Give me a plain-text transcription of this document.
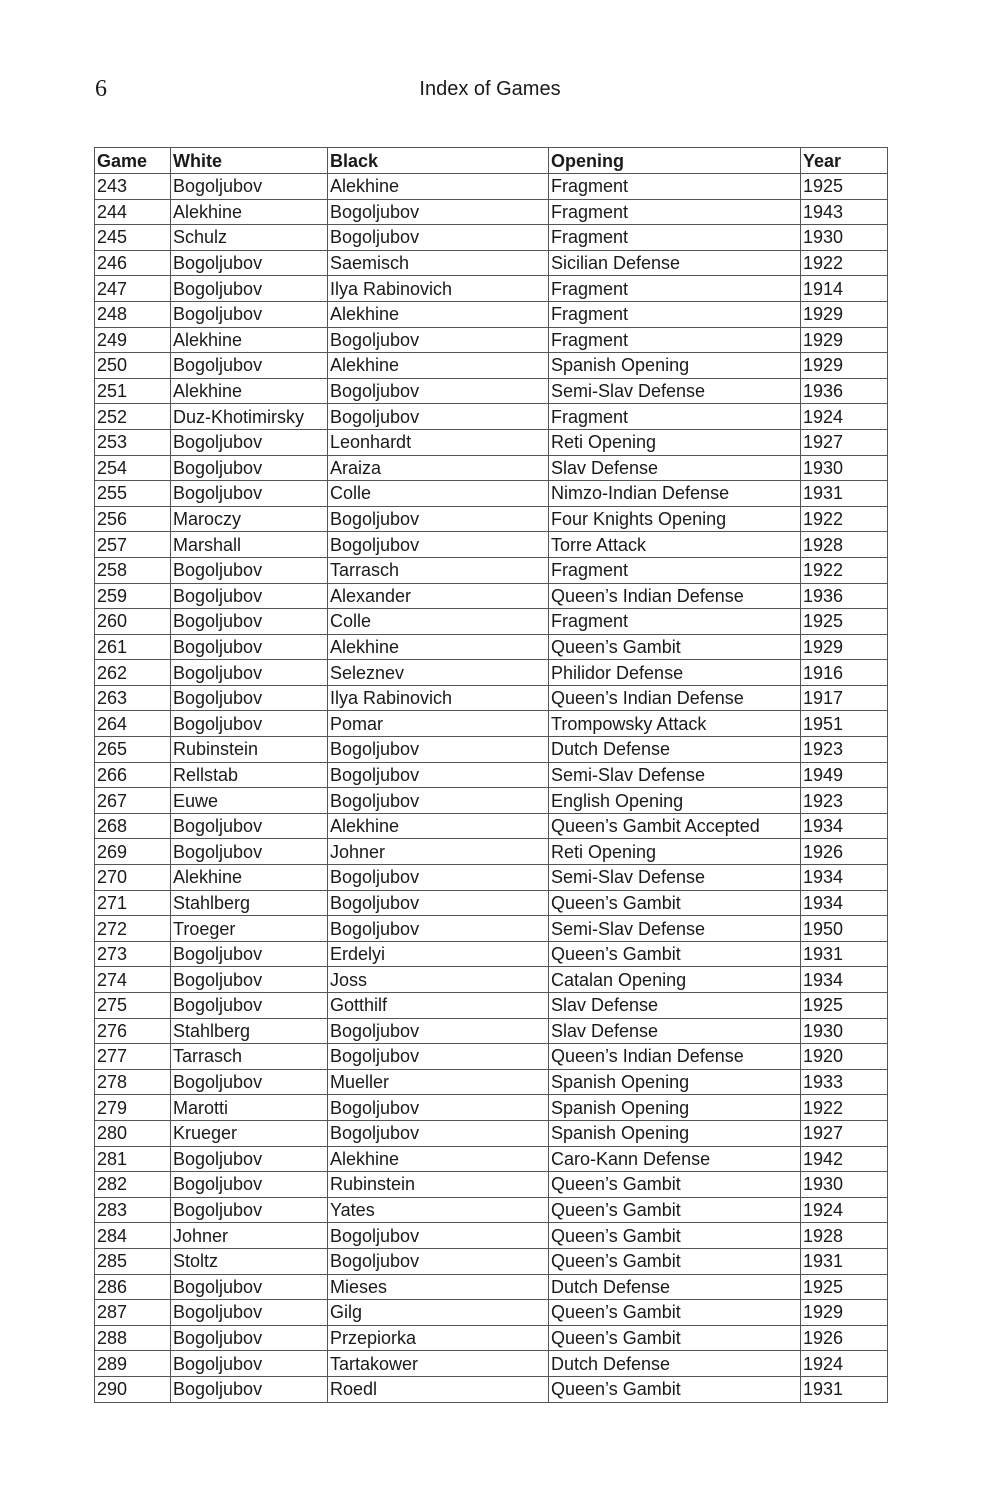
6	Index of Games
Game	White	Black	Opening	Year
243	Bogoljubov	Alekhine	Fragment	1925
244	Alekhine	Bogoljubov	Fragment	1943
245	Schulz	Bogoljubov	Fragment	1930
246	Bogoljubov	Saemisch	Sicilian Defense	1922
247	Bogoljubov	Ilya Rabinovich	Fragment	1914
248	Bogoljubov	Alekhine	Fragment	1929
249	Alekhine	Bogoljubov	Fragment	1929
250	Bogoljubov	Alekhine	Spanish Opening	1929
251	Alekhine	Bogoljubov	Semi-Slav Defense	1936
252	Duz-Khotimirsky	Bogoljubov	Fragment	1924
253	Bogoljubov	Leonhardt	Reti Opening	1927
254	Bogoljubov	Araiza	Slav Defense	1930
255	Bogoljubov	Colle	Nimzo-Indian Defense	1931
256	Maroczy	Bogoljubov	Four Knights Opening	1922
257	Marshall	Bogoljubov	Torre Attack	1928
258	Bogoljubov	Tarrasch	Fragment	1922
259	Bogoljubov	Alexander	Queen’s Indian Defense	1936
260	Bogoljubov	Colle	Fragment	1925
261	Bogoljubov	Alekhine	Queen’s Gambit	1929
262	Bogoljubov	Seleznev	Philidor Defense	1916
263	Bogoljubov	Ilya Rabinovich	Queen’s Indian Defense	1917
264	Bogoljubov	Pomar	Trompowsky Attack	1951
265	Rubinstein	Bogoljubov	Dutch Defense	1923
266	Rellstab	Bogoljubov	Semi-Slav Defense	1949
267	Euwe	Bogoljubov	English Opening	1923
268	Bogoljubov	Alekhine	Queen’s Gambit Accepted	1934
269	Bogoljubov	Johner	Reti Opening	1926
270	Alekhine	Bogoljubov	Semi-Slav Defense	1934
271	Stahlberg	Bogoljubov	Queen’s Gambit	1934
272	Troeger	Bogoljubov	Semi-Slav Defense	1950
273	Bogoljubov	Erdelyi	Queen’s Gambit	1931
274	Bogoljubov	Joss	Catalan Opening	1934
275	Bogoljubov	Gotthilf	Slav Defense	1925
276	Stahlberg	Bogoljubov	Slav Defense	1930
277	Tarrasch	Bogoljubov	Queen’s Indian Defense	1920
278	Bogoljubov	Mueller	Spanish Opening	1933
279	Marotti	Bogoljubov	Spanish Opening	1922
280	Krueger	Bogoljubov	Spanish Opening	1927
281	Bogoljubov	Alekhine	Caro-Kann Defense	1942
282	Bogoljubov	Rubinstein	Queen’s Gambit	1930
283	Bogoljubov	Yates	Queen’s Gambit	1924
284	Johner	Bogoljubov	Queen’s Gambit	1928
285	Stoltz	Bogoljubov	Queen’s Gambit	1931
286	Bogoljubov	Mieses	Dutch Defense	1925
287	Bogoljubov	Gilg	Queen’s Gambit	1929
288	Bogoljubov	Przepiorka	Queen’s Gambit	1926
289	Bogoljubov	Tartakower	Dutch Defense	1924
290	Bogoljubov	Roedl	Queen’s Gambit	1931
